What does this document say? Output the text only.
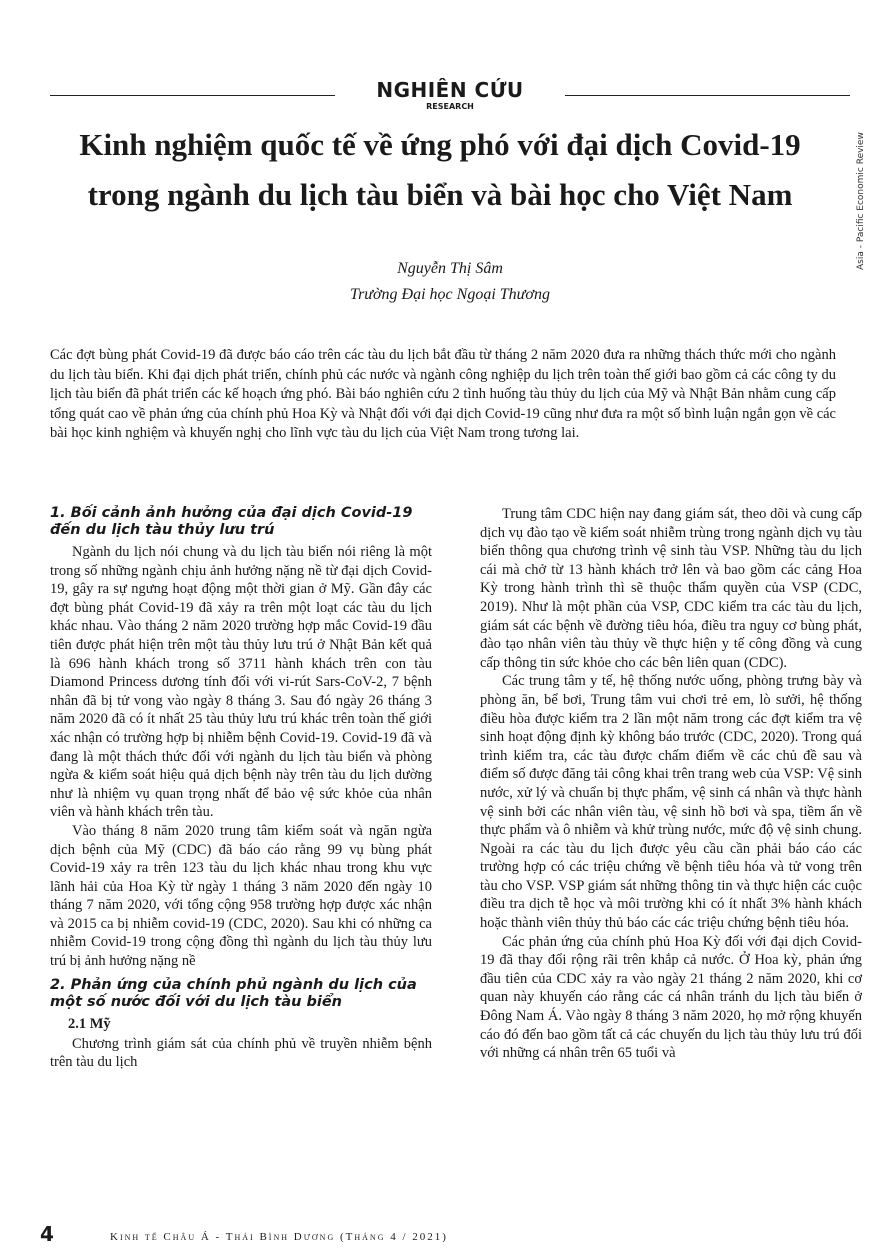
NGHIÊN CỨU
RESEARCH
Asia - Pacific Economic Review
Kinh nghiệm quốc tế về ứng phó với đại dịch Covid-19
trong ngành du lịch tàu biển và bài học cho Việt Nam
Nguyễn Thị Sâm
Trường Đại học Ngoại Thương

Các đợt bùng phát Covid-19 đã được báo cáo trên các tàu du lịch bắt đầu từ tháng 2 năm 2020 đưa ra những thách thức mới cho ngành du lịch tàu biển. Khi đại dịch phát triển, chính phủ các nước và ngành công nghiệp du lịch trên toàn thế giới bao gồm cả các công ty du lịch tàu biển đã phát triển các kế hoạch ứng phó. Bài báo nghiên cứu 2 tình huống tàu thủy du lịch của Mỹ và Nhật Bản nhằm cung cấp tổng quát cao về phản ứng của chính phủ Hoa Kỳ và Nhật đối với đại dịch Covid-19 cũng như đưa ra một số bình luận ngắn gọn về các bài học kinh nghiệm và khuyến nghị cho lĩnh vực tàu du lịch của Việt Nam trong tương lai.

1. Bối cảnh ảnh hưởng của đại dịch Covid-19 đến du lịch tàu thủy lưu trú

Ngành du lịch nói chung và du lịch tàu biển nói riêng là một trong số những ngành chịu ảnh hưởng nặng nề từ đại dịch Covid-19, gây ra sự ngưng hoạt động một thời gian ở Mỹ. Gần đây các đợt bùng phát Covid-19 đã xảy ra trên một loạt các tàu du lịch khác nhau. Vào tháng 2 năm 2020 trường hợp mắc Covid-19 đầu tiên được phát hiện trên một tàu thủy lưu trú ở Nhật Bản kết quả là 696 hành khách trong số 3711 hành khách trên con tàu Diamond Princess dương tính đối với vi-rút Sars-CoV-2, 7 bệnh nhân đã bị tử vong vào ngày 8 tháng 3. Sau đó ngày 26 tháng 3 năm 2020 đã có ít nhất 25 tàu thủy lưu trú khác trên toàn thế giới xác nhận có trường hợp bị nhiễm bệnh Covid-19. Covid-19 đã và đang là một thách thức đối với ngành du lịch tàu biển và phòng ngừa & kiểm soát hiệu quả dịch bệnh này trên tàu du lịch dường như là nhiệm vụ quan trọng nhất để bảo vệ sức khỏe của nhân viên và hành khách trên tàu.

Vào tháng 8 năm 2020 trung tâm kiểm soát và ngăn ngừa dịch bệnh của Mỹ (CDC) đã báo cáo rằng 99 vụ bùng phát Covid-19 xảy ra trên 123 tàu du lịch khác nhau trong khu vực lãnh hải của Hoa Kỳ từ ngày 1 tháng 3 năm 2020 đến ngày 10 tháng 7 năm 2020, với tổng cộng 958 trường hợp được xác nhận và 2015 ca bị nhiễm covid-19 (CDC, 2020). Sau khi có những ca nhiễm Covid-19 trong cộng đồng thì ngành du lịch tàu thủy lưu trú bị ảnh hưởng nặng nề

2. Phản ứng của chính phủ ngành du lịch của một số nước đối với du lịch tàu biển
2.1 Mỹ

Chương trình giám sát của chính phủ về truyền nhiễm bệnh trên tàu du lịch

Trung tâm CDC hiện nay đang giám sát, theo dõi và cung cấp dịch vụ đào tạo về kiểm soát nhiễm trùng trong ngành dịch vụ tàu biển thông qua chương trình vệ sinh tàu VSP. Những tàu du lịch cái mà chở từ 13 hành khách trở lên và bao gồm các cảng Hoa Kỳ trong hành trình thì sẽ thuộc thẩm quyền của VSP (CDC, 2019). Như là một phần của VSP, CDC kiểm tra các tàu du lịch, giám sát các bệnh về đường tiêu hóa, điều tra nguy cơ bùng phát, đào tạo nhân viên tàu thủy về thực hiện y tế công đồng và cung cấp thông tin sức khỏe cho các bên liên quan (CDC).

Các trung tâm y tế, hệ thống nước uống, phòng trưng bày và phòng ăn, bể bơi, Trung tâm vui chơi trẻ em, lò sưởi, hệ thống điều hòa được kiểm tra 2 lần một năm trong các đợt kiểm tra vệ sinh hoạt động định kỳ không báo trước (CDC, 2020). Trong quá trình kiểm tra, các tàu được chấm điểm về các chủ đề sau và điểm số được đăng tải công khai trên trang web của VSP: Vệ sinh nước, xử lý và chuẩn bị thực phẩm, vệ sinh cá nhân và thực hành vệ sinh bởi các nhân viên tàu, vệ sinh hồ bơi và spa, tiềm ẩn về thực phẩm và ô nhiễm và khử trùng nước, mức độ vệ sinh chung. Ngoài ra các tàu du lịch được yêu cầu cần phải báo cáo các trường hợp có các triệu chứng về bệnh tiêu hóa và tử vong trên tàu cho VSP. VSP giám sát những thông tin và thực hiện các cuộc điều tra dịch tễ học và môi trường khi có ít nhất 3% hành khách hoặc thành viên thủy thủ báo các các triệu chứng bệnh tiêu hóa.

Các phản ứng của chính phủ Hoa Kỳ đối với đại dịch Covid-19 đã thay đổi rộng rãi trên khắp cả nước. Ở Hoa kỳ, phản ứng đầu tiên của CDC xảy ra vào ngày 21 tháng 2 năm 2020, khi cơ quan này khuyến cáo rằng các cá nhân tránh du lịch tàu biển ở Đông Nam Á. Vào ngày 8 tháng 3 năm 2020, họ mở rộng khuyến cáo đó đến bao gồm tất cả các chuyến du lịch tàu thủy lưu trú đối với những cá nhân trên 65 tuổi và

4	Kinh tế Châu Á - Thái Bình Dương (Tháng 4 / 2021)
